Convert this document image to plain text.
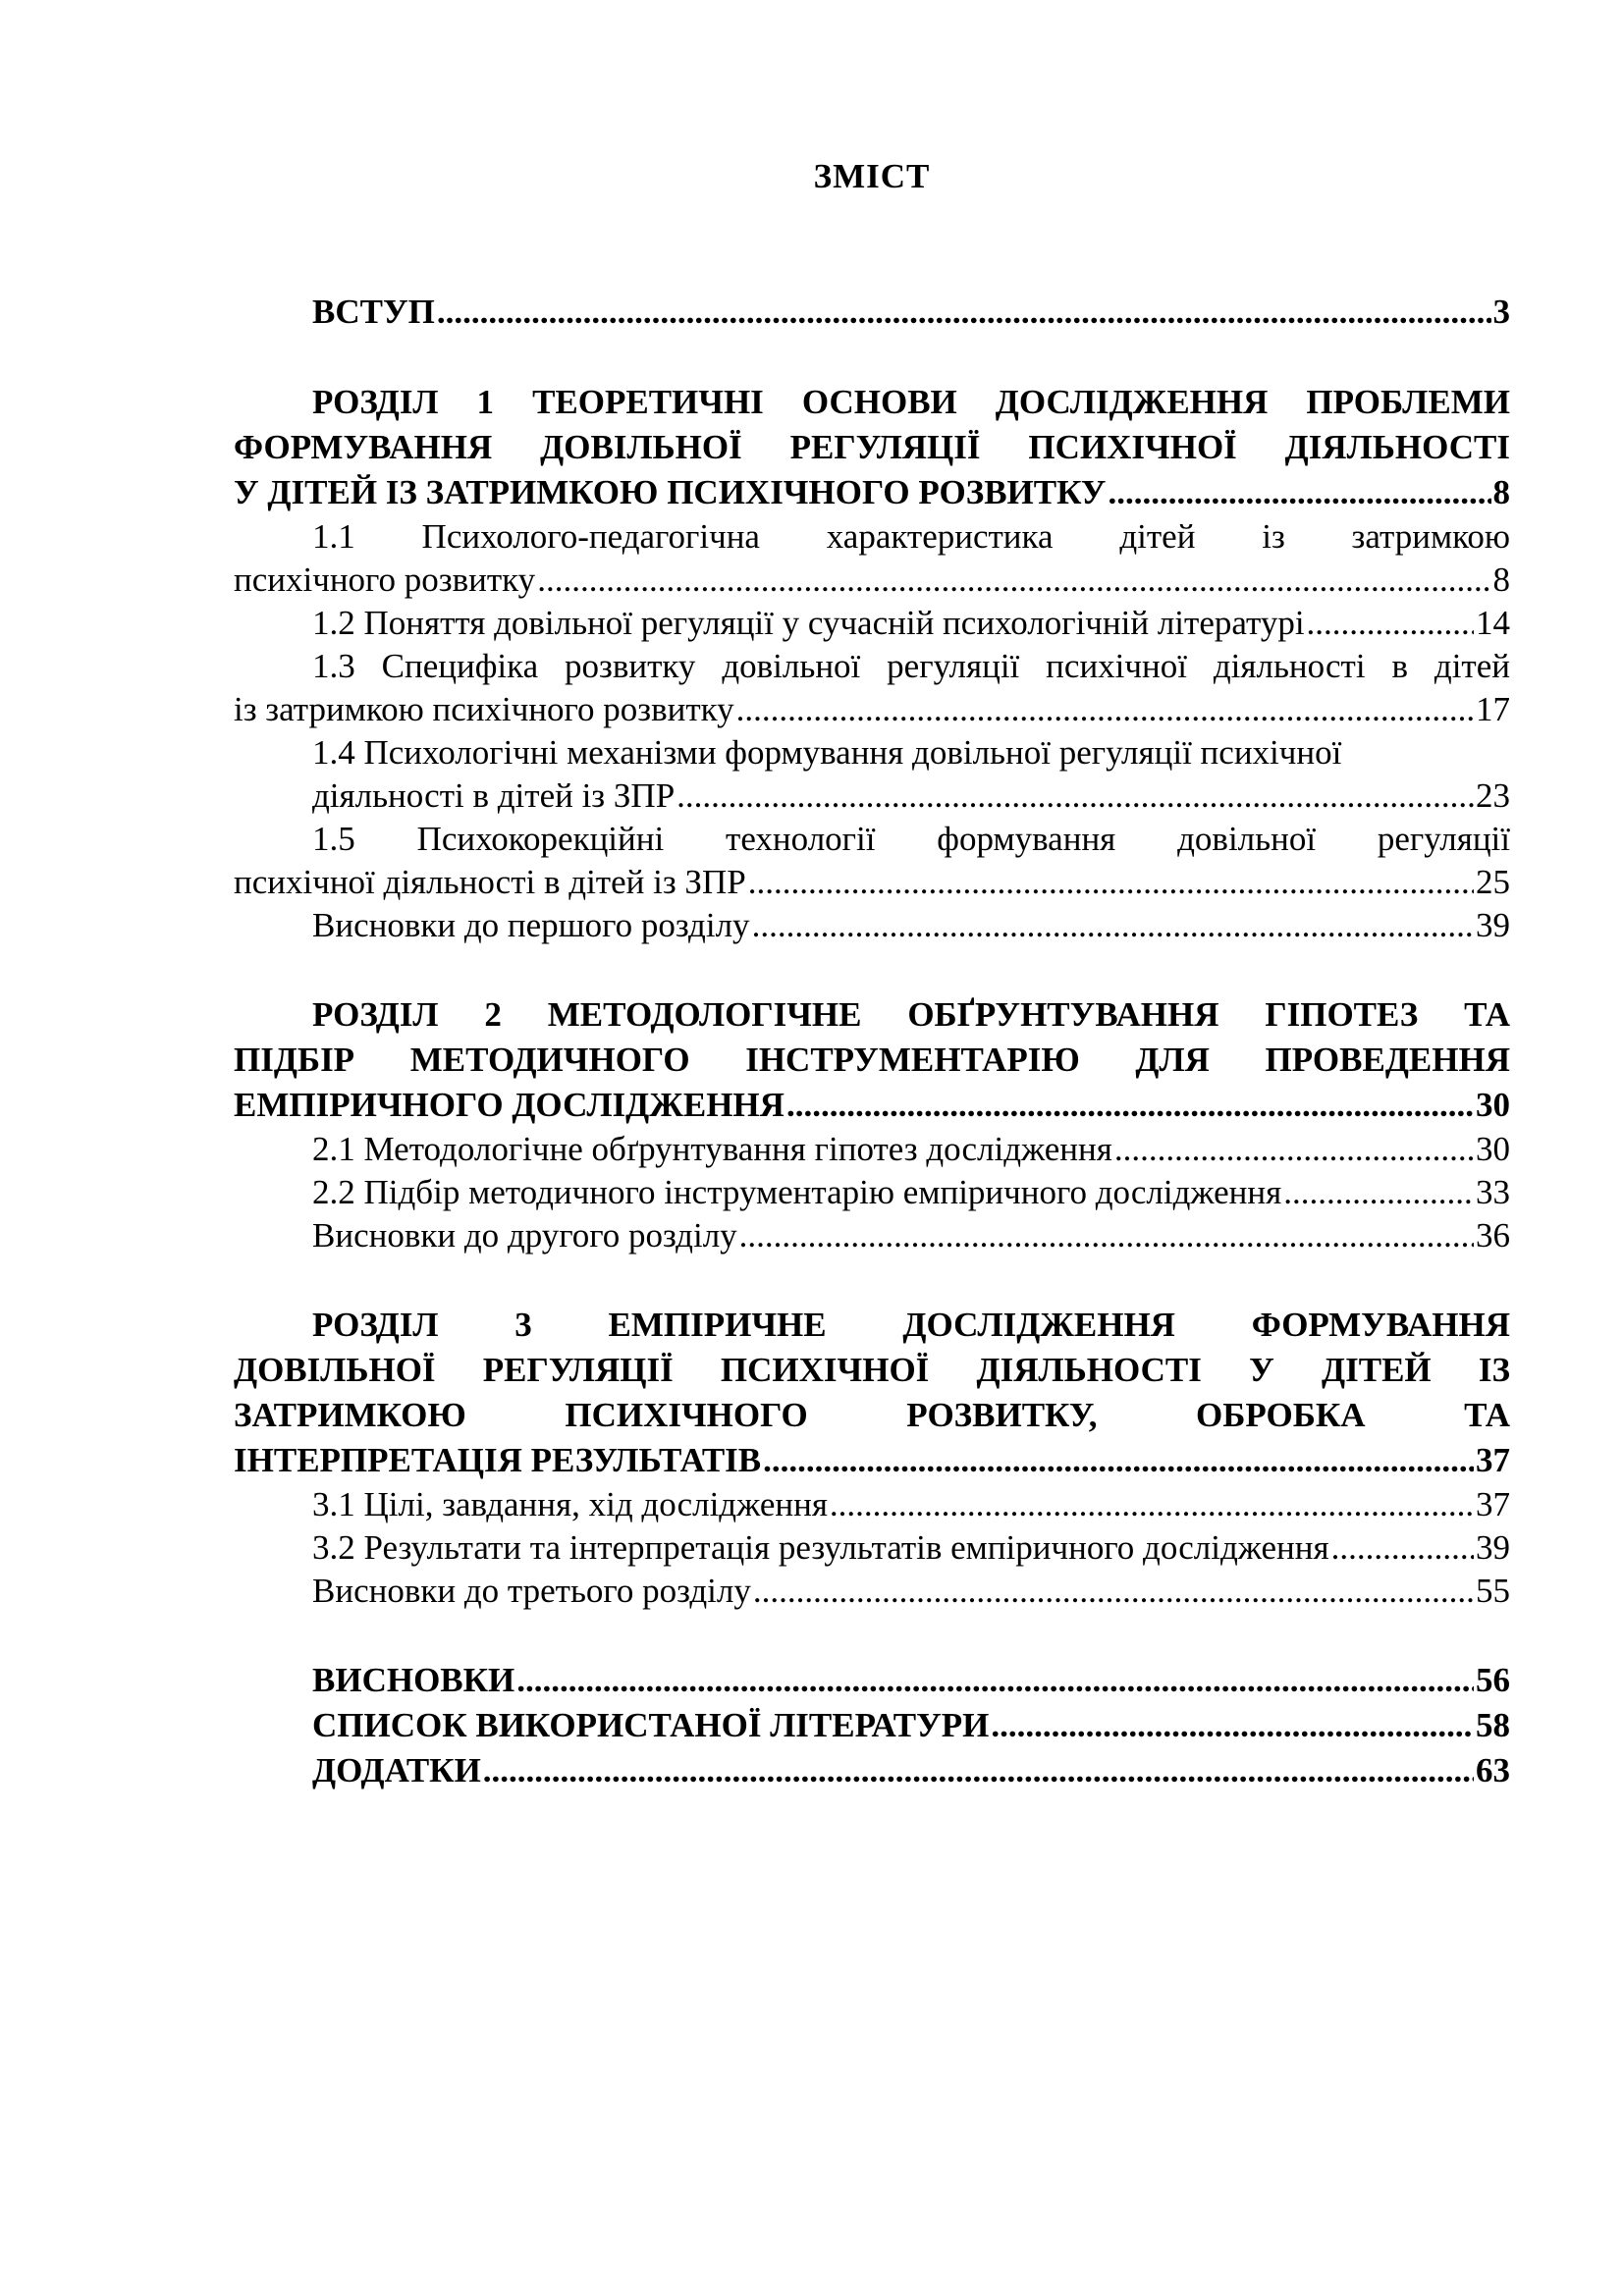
ЗМІСТ
ВСТУП .....	3
РОЗДІЛ 1 ТЕОРЕТИЧНІ ОСНОВИ ДОСЛІДЖЕННЯ ПРОБЛЕМИ
ФОРМУВАННЯ ДОВІЛЬНОЇ РЕГУЛЯЦІЇ ПСИХІЧНОЇ ДІЯЛЬНОСТІ
У ДІТЕЙ ІЗ ЗАТРИМКОЮ ПСИХІЧНОГО РОЗВИТКУ .....	8
1.1 Психолого-педагогічна характеристика дітей із затримкою
психічного розвитку .....	8
1.2 Поняття довільної регуляції у сучасній психологічній літературі .....	14
1.3 Специфіка розвитку довільної регуляції психічної діяльності в дітей
із затримкою психічного розвитку .....	17
1.4 Психологічні механізми формування довільної регуляції психічної
діяльності в дітей із ЗПР .....	23
1.5 Психокорекційні технології формування довільної регуляції
психічної діяльності в дітей із ЗПР .....	25
Висновки до першого розділу .....	39
РОЗДІЛ 2 МЕТОДОЛОГІЧНЕ ОБҐРУНТУВАННЯ ГІПОТЕЗ ТА
ПІДБІР МЕТОДИЧНОГО ІНСТРУМЕНТАРІЮ ДЛЯ ПРОВЕДЕННЯ
ЕМПІРИЧНОГО ДОСЛІДЖЕННЯ .....	30
2.1 Методологічне обґрунтування гіпотез дослідження .....	30
2.2 Підбір методичного інструментарію емпіричного дослідження .....	33
Висновки до другого розділу .....	36
РОЗДІЛ 3 ЕМПІРИЧНЕ ДОСЛІДЖЕННЯ ФОРМУВАННЯ
ДОВІЛЬНОЇ РЕГУЛЯЦІЇ ПСИХІЧНОЇ ДІЯЛЬНОСТІ У ДІТЕЙ ІЗ
ЗАТРИМКОЮ ПСИХІЧНОГО РОЗВИТКУ, ОБРОБКА ТА
ІНТЕРПРЕТАЦІЯ РЕЗУЛЬТАТІВ .....	37
3.1 Цілі, завдання, хід дослідження .....	37
3.2 Результати та інтерпретація результатів емпіричного дослідження .....	39
Висновки до третього розділу .....	55
ВИСНОВКИ .....	56
СПИСОК ВИКОРИСТАНОЇ ЛІТЕРАТУРИ .....	58
ДОДАТКИ .....	63
